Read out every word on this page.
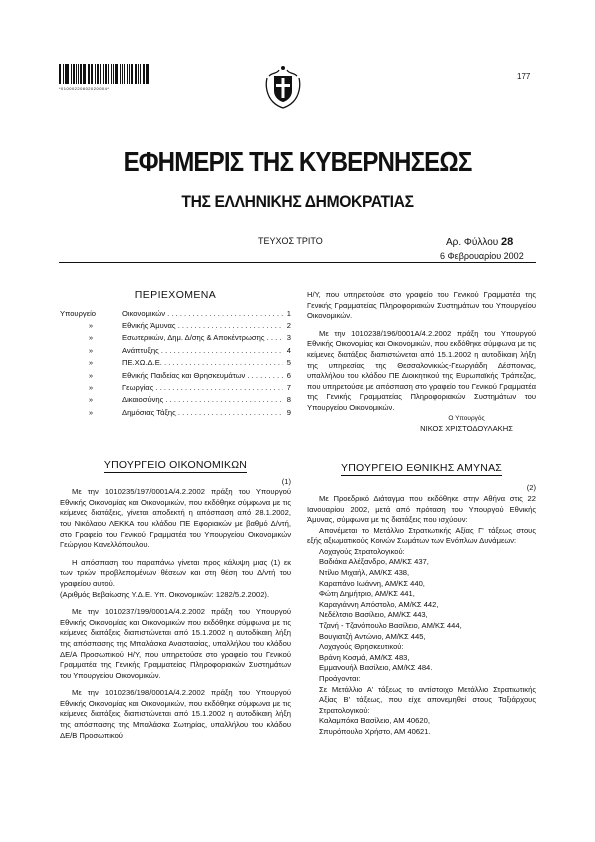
*01000220602020004*
177
ΕΦΗΜΕΡΙΣ ΤΗΣ ΚΥΒΕΡΝΗΣΕΩΣ
ΤΗΣ ΕΛΛΗΝΙΚΗΣ ΔΗΜΟΚΡΑΤΙΑΣ
ΤΕΥΧΟΣ ΤΡΙΤΟ	Αρ. Φύλλου 28
6 Φεβρουαρίου 2002
ΠΕΡΙΕΧΟΜΕΝΑ
Υπουργείο	Οικονομικών . . .	1
»	Εθνικής Άμυνας . . .	2
»	Εσωτερικών, Δημ. Δ/σης & Αποκέντρωσης . . .	3
»	Ανάπτυξης . . .	4
»	ΠΕ.ΧΩ.Δ.Ε. . . .	5
»	Εθνικής Παιδείας και Θρησκευμάτων . . .	6
»	Γεωργίας . . .	7
»	Δικαιοσύνης . . .	8
»	Δημόσιας Τάξης . . .	9
ΥΠΟΥΡΓΕΙΟ ΟΙΚΟΝΟΜΙΚΩΝ
(1)

Με την 1010235/197/0001Α/4.2.2002 πράξη του Υπουργού Εθνικής Οικονομίας και Οικονομικών, που εκδόθηκε σύμφωνα με τις κείμενες διατάξεις, γίνεται αποδεκτή η απόσπαση από 28.1.2002, του Νικόλαου ΛΕΚΚΑ του κλάδου ΠΕ Εφοριακών με βαθμό Δ/ντή, στο Γραφείο του Γενικού Γραμματέα του Υπουργείου Οικονομικών Γεώργιου Κανελλόπουλου.

Η απόσπαση του παραπάνω γίνεται προς κάλυψη μιας (1) εκ των τριών προβλεπομένων θέσεων και στη θέση του Δ/ντή του γραφείου αυτού.

(Αριθμός Βεβαίωσης Υ.Δ.Ε. Υπ. Οικονομικών: 1282/5.2.2002).

Με την 1010237/199/0001Α/4.2.2002 πράξη του Υπουργού Εθνικής Οικονομίας και Οικονομικών που εκδόθηκε σύμφωνα με τις κείμενες διατάξεις διαπιστώνεται από 15.1.2002 η αυτοδίκαιη λήξη της απόσπασης της Μπαλάσκα Αναστασίας, υπαλλήλου του κλάδου ΔΕ/Α Προσωπικού Η/Υ, που υπηρετούσε στο γραφείο του Γενικού Γραμματέα της Γενικής Γραμματείας Πληροφοριακών Συστημάτων του Υπουργείου Οικονομικών.

Με την 1010236/198/0001Α/4.2.2002 πράξη του Υπουργού Εθνικής Οικονομίας και Οικονομικών, που εκδόθηκε σύμφωνα με τις κείμενες διατάξεις διαπιστώνεται από 15.1.2002 η αυτοδίκαιη λήξη της απόσπασης της Μπαλάσκα Σωτηρίας, υπαλλήλου του κλάδου ΔΕ/Β Προσωπικού

Η/Υ, που υπηρετούσε στο γραφείο του Γενικού Γραμματέα της Γενικής Γραμματείας Πληροφοριακών Συστημάτων του Υπουργείου Οικονομικών.

Με την 1010238/196/0001Α/4.2.2002 πράξη του Υπουργού Εθνικής Οικονομίας και Οικονομικών, που εκδόθηκε σύμφωνα με τις κείμενες διατάξεις διαπιστώνεται από 15.1.2002 η αυτοδίκαιη λήξη της υπηρεσίας της Θεσσαλονικιώς-Γεωργιάδη Δέσποινας, υπαλλήλου του κλάδου ΠΕ Διοικητικού της Ευρωπαϊκής Τράπεζας, που υπηρετούσε με απόσπαση στο γραφείο του Γενικού Γραμματέα της Γενικής Γραμματείας Πληροφοριακών Συστημάτων του Υπουργείου Οικονομικών.

Ο Υπουργός

ΝΙΚΟΣ ΧΡΙΣΤΟΔΟΥΛΑΚΗΣ

ΥΠΟΥΡΓΕΙΟ ΕΘΝΙΚΗΣ ΑΜΥΝΑΣ
(2)

Με Προεδρικό Διάταγμα που εκδόθηκε στην Αθήνα στις 22 Ιανουαρίου 2002, μετά από πρόταση του Υπουργού Εθνικής Άμυνας, σύμφωνα με τις διατάξεις που ισχύουν:

Απονέμεται το Μετάλλιο Στρατιωτικής Αξίας Γ' τάξεως στους εξής αξιωματικούς Κοινών Σωμάτων των Ενόπλων Δυνάμεων:

Λοχαγούς Στρατολογικού:
Βαδιάκα Αλέξανδρο, ΑΜ/ΚΣ 437,
Ντίλιο Μιχαήλ, ΑΜ/ΚΣ 438,
Καραπάνο Ιωάννη, ΑΜ/ΚΣ 440,
Φώτη Δημήτριο, ΑΜ/ΚΣ 441,
Καραγιάννη Απόστολο, ΑΜ/ΚΣ 442,
Νεδέλτσιο Βασίλειο, ΑΜ/ΚΣ 443,
Τζανή - Τζανόπουλο Βασίλειο, ΑΜ/ΚΣ 444,
Βουγιατζή Αντώνιο, ΑΜ/ΚΣ 445,
Λοχαγούς Θρησκευτικού:
Βράνη Κοσμά, ΑΜ/ΚΣ 483,
Εμμανουήλ Βασίλειο, ΑΜ/ΚΣ 484.
Προάγονται:
Σε Μετάλλιο Α' τάξεως το αντίστοιχο Μετάλλιο Στρατιωτικής Αξίας Β' τάξεως, που είχε απονεμηθεί στους Ταξιάρχους Στρατολογικού:
Καλαμπόκα Βασίλειο, ΑΜ 40620,
Σπυρόπουλο Χρήστο, ΑΜ 40621.
